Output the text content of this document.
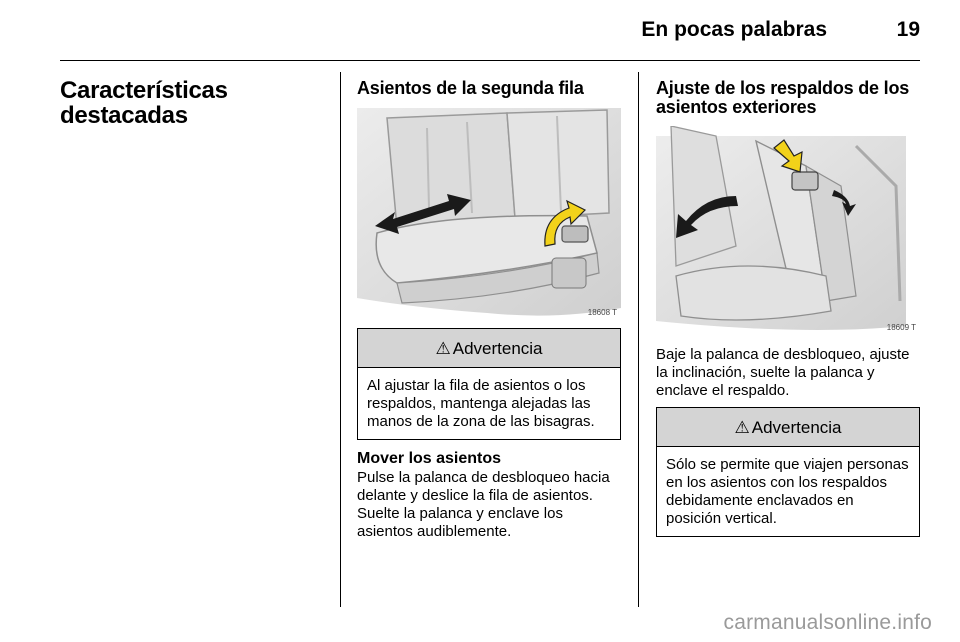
En pocas palabras	19
Características destacadas
Asientos de la segunda fila
18608 T
⚠ Advertencia
Al ajustar la fila de asientos o los respaldos, mantenga alejadas las manos de la zona de las bisagras.
Mover los asientos
Pulse la palanca de desbloqueo hacia delante y deslice la fila de asientos. Suelte la palanca y enclave los asientos audiblemente.
Ajuste de los respaldos de los asientos exteriores
18609 T
Baje la palanca de desbloqueo, ajuste la inclinación, suelte la palanca y enclave el respaldo.
⚠ Advertencia
Sólo se permite que viajen personas en los asientos con los respaldos debidamente enclavados en posición vertical.
carmanualsonline.info
